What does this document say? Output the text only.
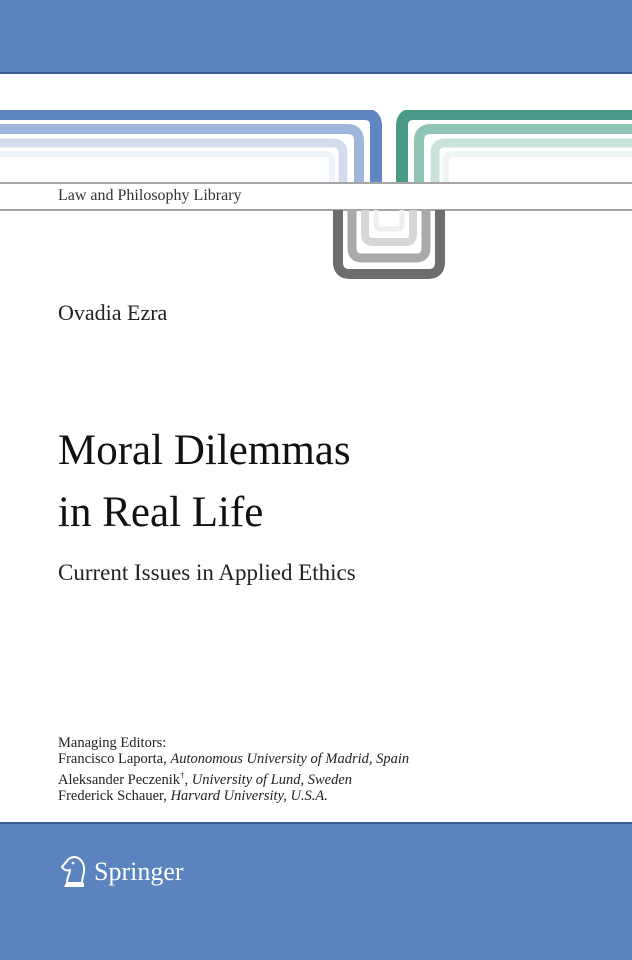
Law and Philosophy Library
Ovadia Ezra
Moral Dilemmas
in Real Life
Current Issues in Applied Ethics
Managing Editors:
Francisco Laporta, Autonomous University of Madrid, Spain
Aleksander Peczenik†, University of Lund, Sweden
Frederick Schauer, Harvard University, U.S.A.
Springer
